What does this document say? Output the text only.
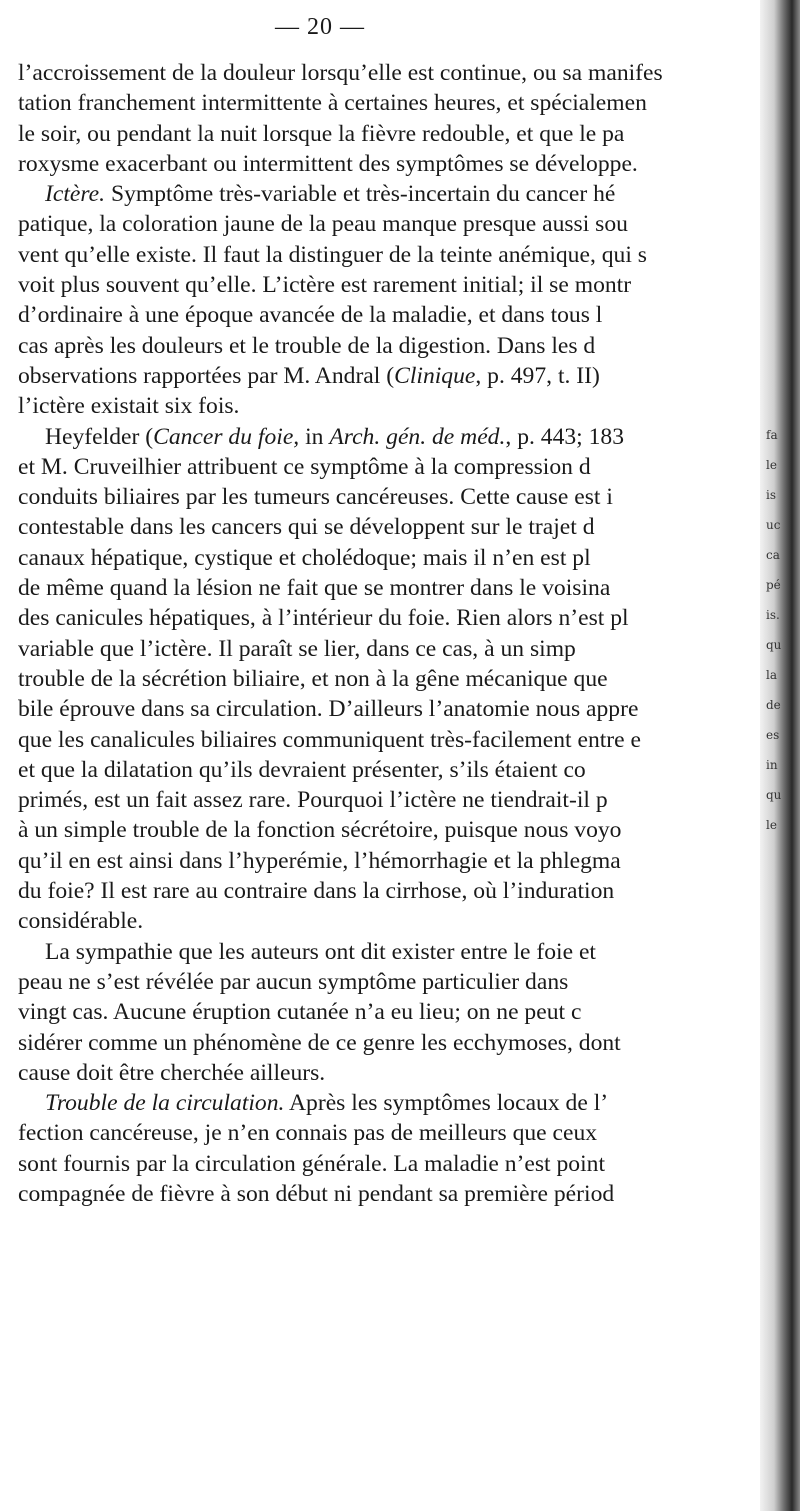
— 20 —
l’accroissement de la douleur lorsqu’elle est continue, ou sa manifes
tation franchement intermittente à certaines heures, et spécialemen
le soir, ou pendant la nuit lorsque la fièvre redouble, et que le pa
roxysme exacerbant ou intermittent des symptômes se développe.
Ictère. Symptôme très-variable et très-incertain du cancer hé
patique, la coloration jaune de la peau manque presque aussi sou
vent qu’elle existe. Il faut la distinguer de la teinte anémique, qui s
voit plus souvent qu’elle. L’ictère est rarement initial; il se montr
d’ordinaire à une époque avancée de la maladie, et dans tous l
cas après les douleurs et le trouble de la digestion. Dans les d
observations rapportées par M. Andral (Clinique, p. 497, t. II)
l’ictère existait six fois.
Heyfelder (Cancer du foie, in Arch. gén. de méd., p. 443; 183
et M. Cruveilhier attribuent ce symptôme à la compression d
conduits biliaires par les tumeurs cancéreuses. Cette cause est i
contestable dans les cancers qui se développent sur le trajet d
canaux hépatique, cystique et cholédoque; mais il n’en est pl
de même quand la lésion ne fait que se montrer dans le voisina
des canicules hépatiques, à l’intérieur du foie. Rien alors n’est pl
variable que l’ictère. Il paraît se lier, dans ce cas, à un simp
trouble de la sécrétion biliaire, et non à la gêne mécanique que
bile éprouve dans sa circulation. D’ailleurs l’anatomie nous appre
que les canalicules biliaires communiquent très-facilement entre e
et que la dilatation qu’ils devraient présenter, s’ils étaient co
primés, est un fait assez rare. Pourquoi l’ictère ne tiendrait-il p
à un simple trouble de la fonction sécrétoire, puisque nous voyo
qu’il en est ainsi dans l’hyperémie, l’hémorrhagie et la phlegma
du foie? Il est rare au contraire dans la cirrhose, où l’induration
considérable.
La sympathie que les auteurs ont dit exister entre le foie et
peau ne s’est révélée par aucun symptôme particulier dans
vingt cas. Aucune éruption cutanée n’a eu lieu; on ne peut c
sidérer comme un phénomène de ce genre les ecchymoses, dont
cause doit être cherchée ailleurs.
Trouble de la circulation. Après les symptômes locaux de l’
fection cancéreuse, je n’en connais pas de meilleurs que ceux
sont fournis par la circulation générale. La maladie n’est point
compagnée de fièvre à son début ni pendant sa première périod
fa
le
is
uc
ca
pé
is.
qu
la
de
es
in
qu
le
